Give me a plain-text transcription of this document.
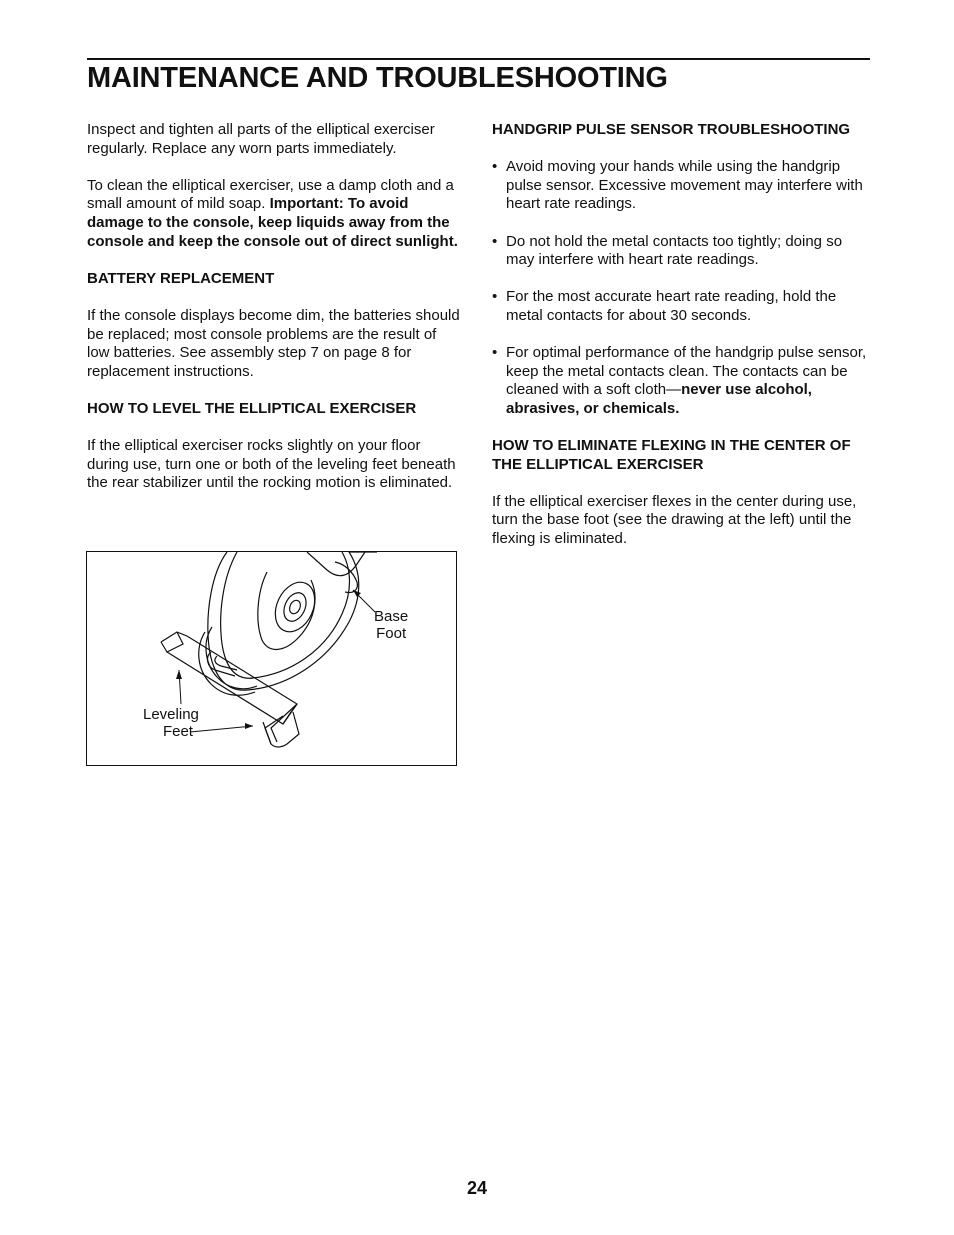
MAINTENANCE AND TROUBLESHOOTING

Inspect and tighten all parts of the elliptical exerciser regularly. Replace any worn parts immediately.

To clean the elliptical exerciser, use a damp cloth and a small amount of mild soap. Important: To avoid damage to the console, keep liquids away from the console and keep the console out of direct sunlight.

BATTERY REPLACEMENT

If the console displays become dim, the batteries should be replaced; most console problems are the result of low batteries. See assembly step 7 on page 8 for replacement instructions.

HOW TO LEVEL THE ELLIPTICAL EXERCISER

If the elliptical exerciser rocks slightly on your floor during use, turn one or both of the leveling feet beneath the rear stabilizer until the rocking motion is eliminated.

Base
Foot
Leveling
Feet
HANDGRIP PULSE SENSOR TROUBLESHOOTING
• Avoid moving your hands while using the handgrip pulse sensor. Excessive movement may interfere with heart rate readings.
• Do not hold the metal contacts too tightly; doing so may interfere with heart rate readings.
• For the most accurate heart rate reading, hold the metal contacts for about 30 seconds.
• For optimal performance of the handgrip pulse sensor, keep the metal contacts clean. The contacts can be cleaned with a soft cloth—never use alcohol, abrasives, or chemicals.
HOW TO ELIMINATE FLEXING IN THE CENTER OF THE ELLIPTICAL EXERCISER

If the elliptical exerciser flexes in the center during use, turn the base foot (see the drawing at the left) until the flexing is eliminated.

24
